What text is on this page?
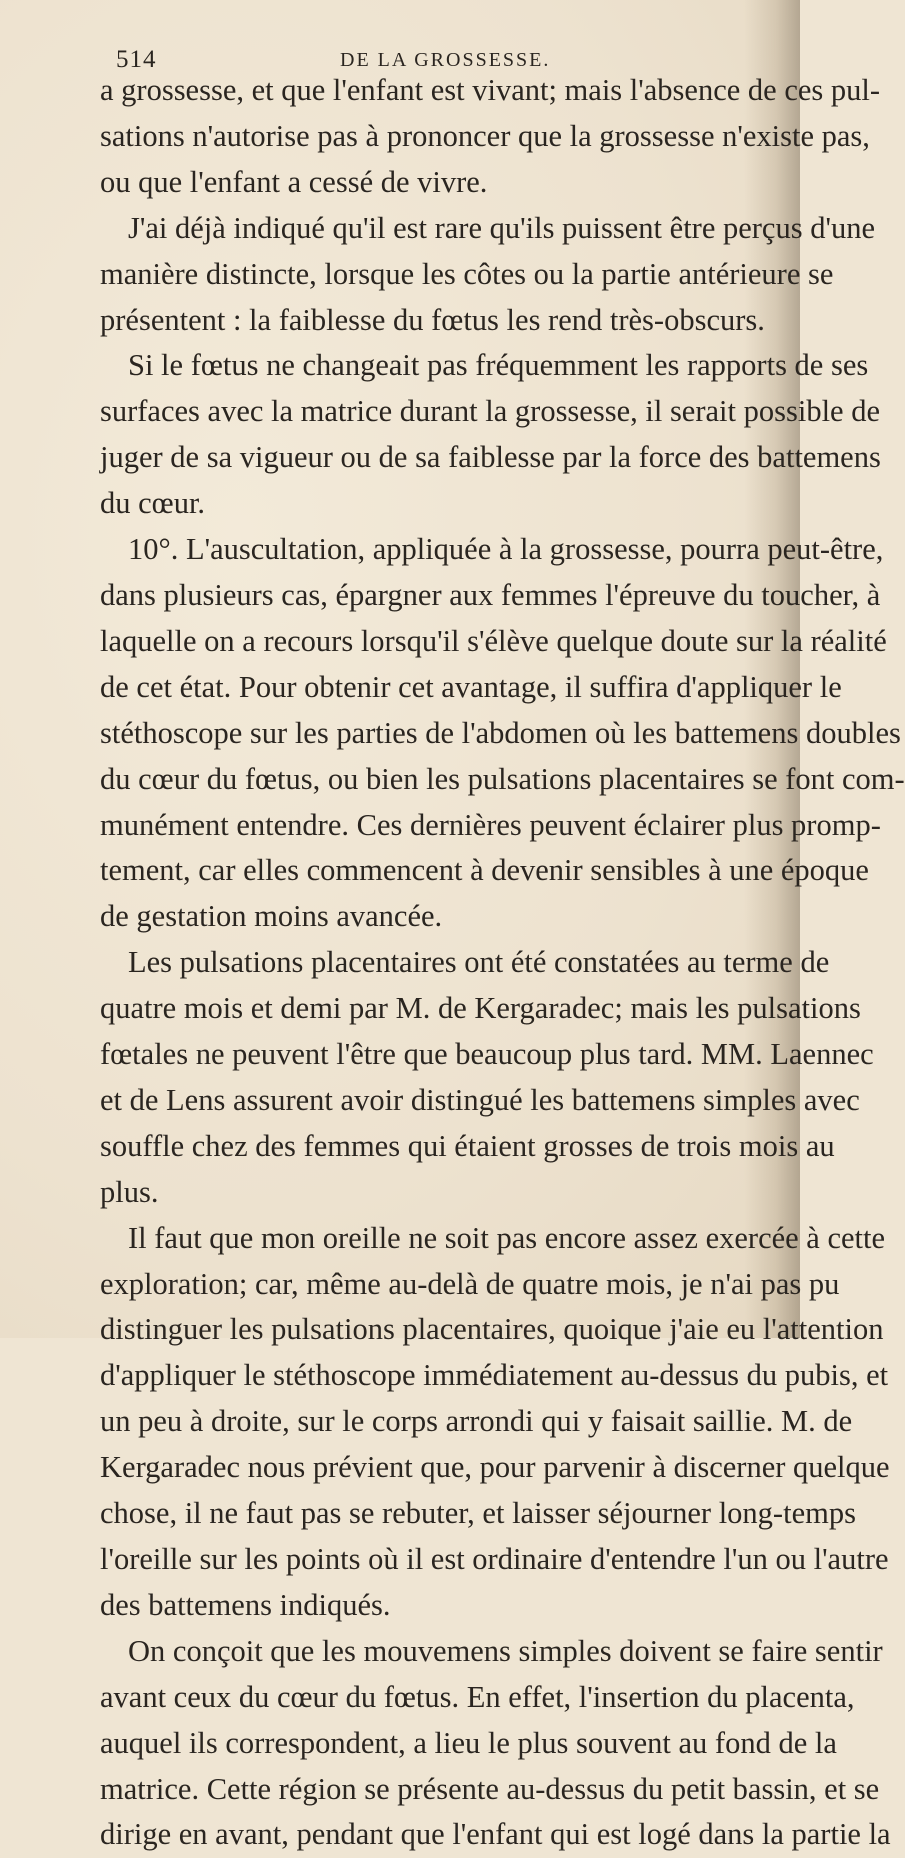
514	DE LA GROSSESSE.
a grossesse, et que l'enfant est vivant; mais l'absence de ces pul-
sations n'autorise pas à prononcer que la grossesse n'existe pas,
ou que l'enfant a cessé de vivre.
J'ai déjà indiqué qu'il est rare qu'ils puissent être perçus d'une
manière distincte, lorsque les côtes ou la partie antérieure se
présentent : la faiblesse du fœtus les rend très-obscurs.
Si le fœtus ne changeait pas fréquemment les rapports de ses
surfaces avec la matrice durant la grossesse, il serait possible de
juger de sa vigueur ou de sa faiblesse par la force des battemens
du cœur.
10°. L'auscultation, appliquée à la grossesse, pourra peut-être,
dans plusieurs cas, épargner aux femmes l'épreuve du toucher, à
laquelle on a recours lorsqu'il s'élève quelque doute sur la réalité
de cet état. Pour obtenir cet avantage, il suffira d'appliquer le
stéthoscope sur les parties de l'abdomen où les battemens doubles
du cœur du fœtus, ou bien les pulsations placentaires se font com-
munément entendre. Ces dernières peuvent éclairer plus promp-
tement, car elles commencent à devenir sensibles à une époque
de gestation moins avancée.
Les pulsations placentaires ont été constatées au terme de
quatre mois et demi par M. de Kergaradec; mais les pulsations
fœtales ne peuvent l'être que beaucoup plus tard. MM. Laennec
et de Lens assurent avoir distingué les battemens simples avec
souffle chez des femmes qui étaient grosses de trois mois au
plus.
Il faut que mon oreille ne soit pas encore assez exercée à cette
exploration; car, même au-delà de quatre mois, je n'ai pas pu
distinguer les pulsations placentaires, quoique j'aie eu l'attention
d'appliquer le stéthoscope immédiatement au-dessus du pubis, et
un peu à droite, sur le corps arrondi qui y faisait saillie. M. de
Kergaradec nous prévient que, pour parvenir à discerner quelque
chose, il ne faut pas se rebuter, et laisser séjourner long-temps
l'oreille sur les points où il est ordinaire d'entendre l'un ou l'autre
des battemens indiqués.
On conçoit que les mouvemens simples doivent se faire sentir
avant ceux du cœur du fœtus. En effet, l'insertion du placenta,
auquel ils correspondent, a lieu le plus souvent au fond de la
matrice. Cette région se présente au-dessus du petit bassin, et se
dirige en avant, pendant que l'enfant qui est logé dans la partie la
